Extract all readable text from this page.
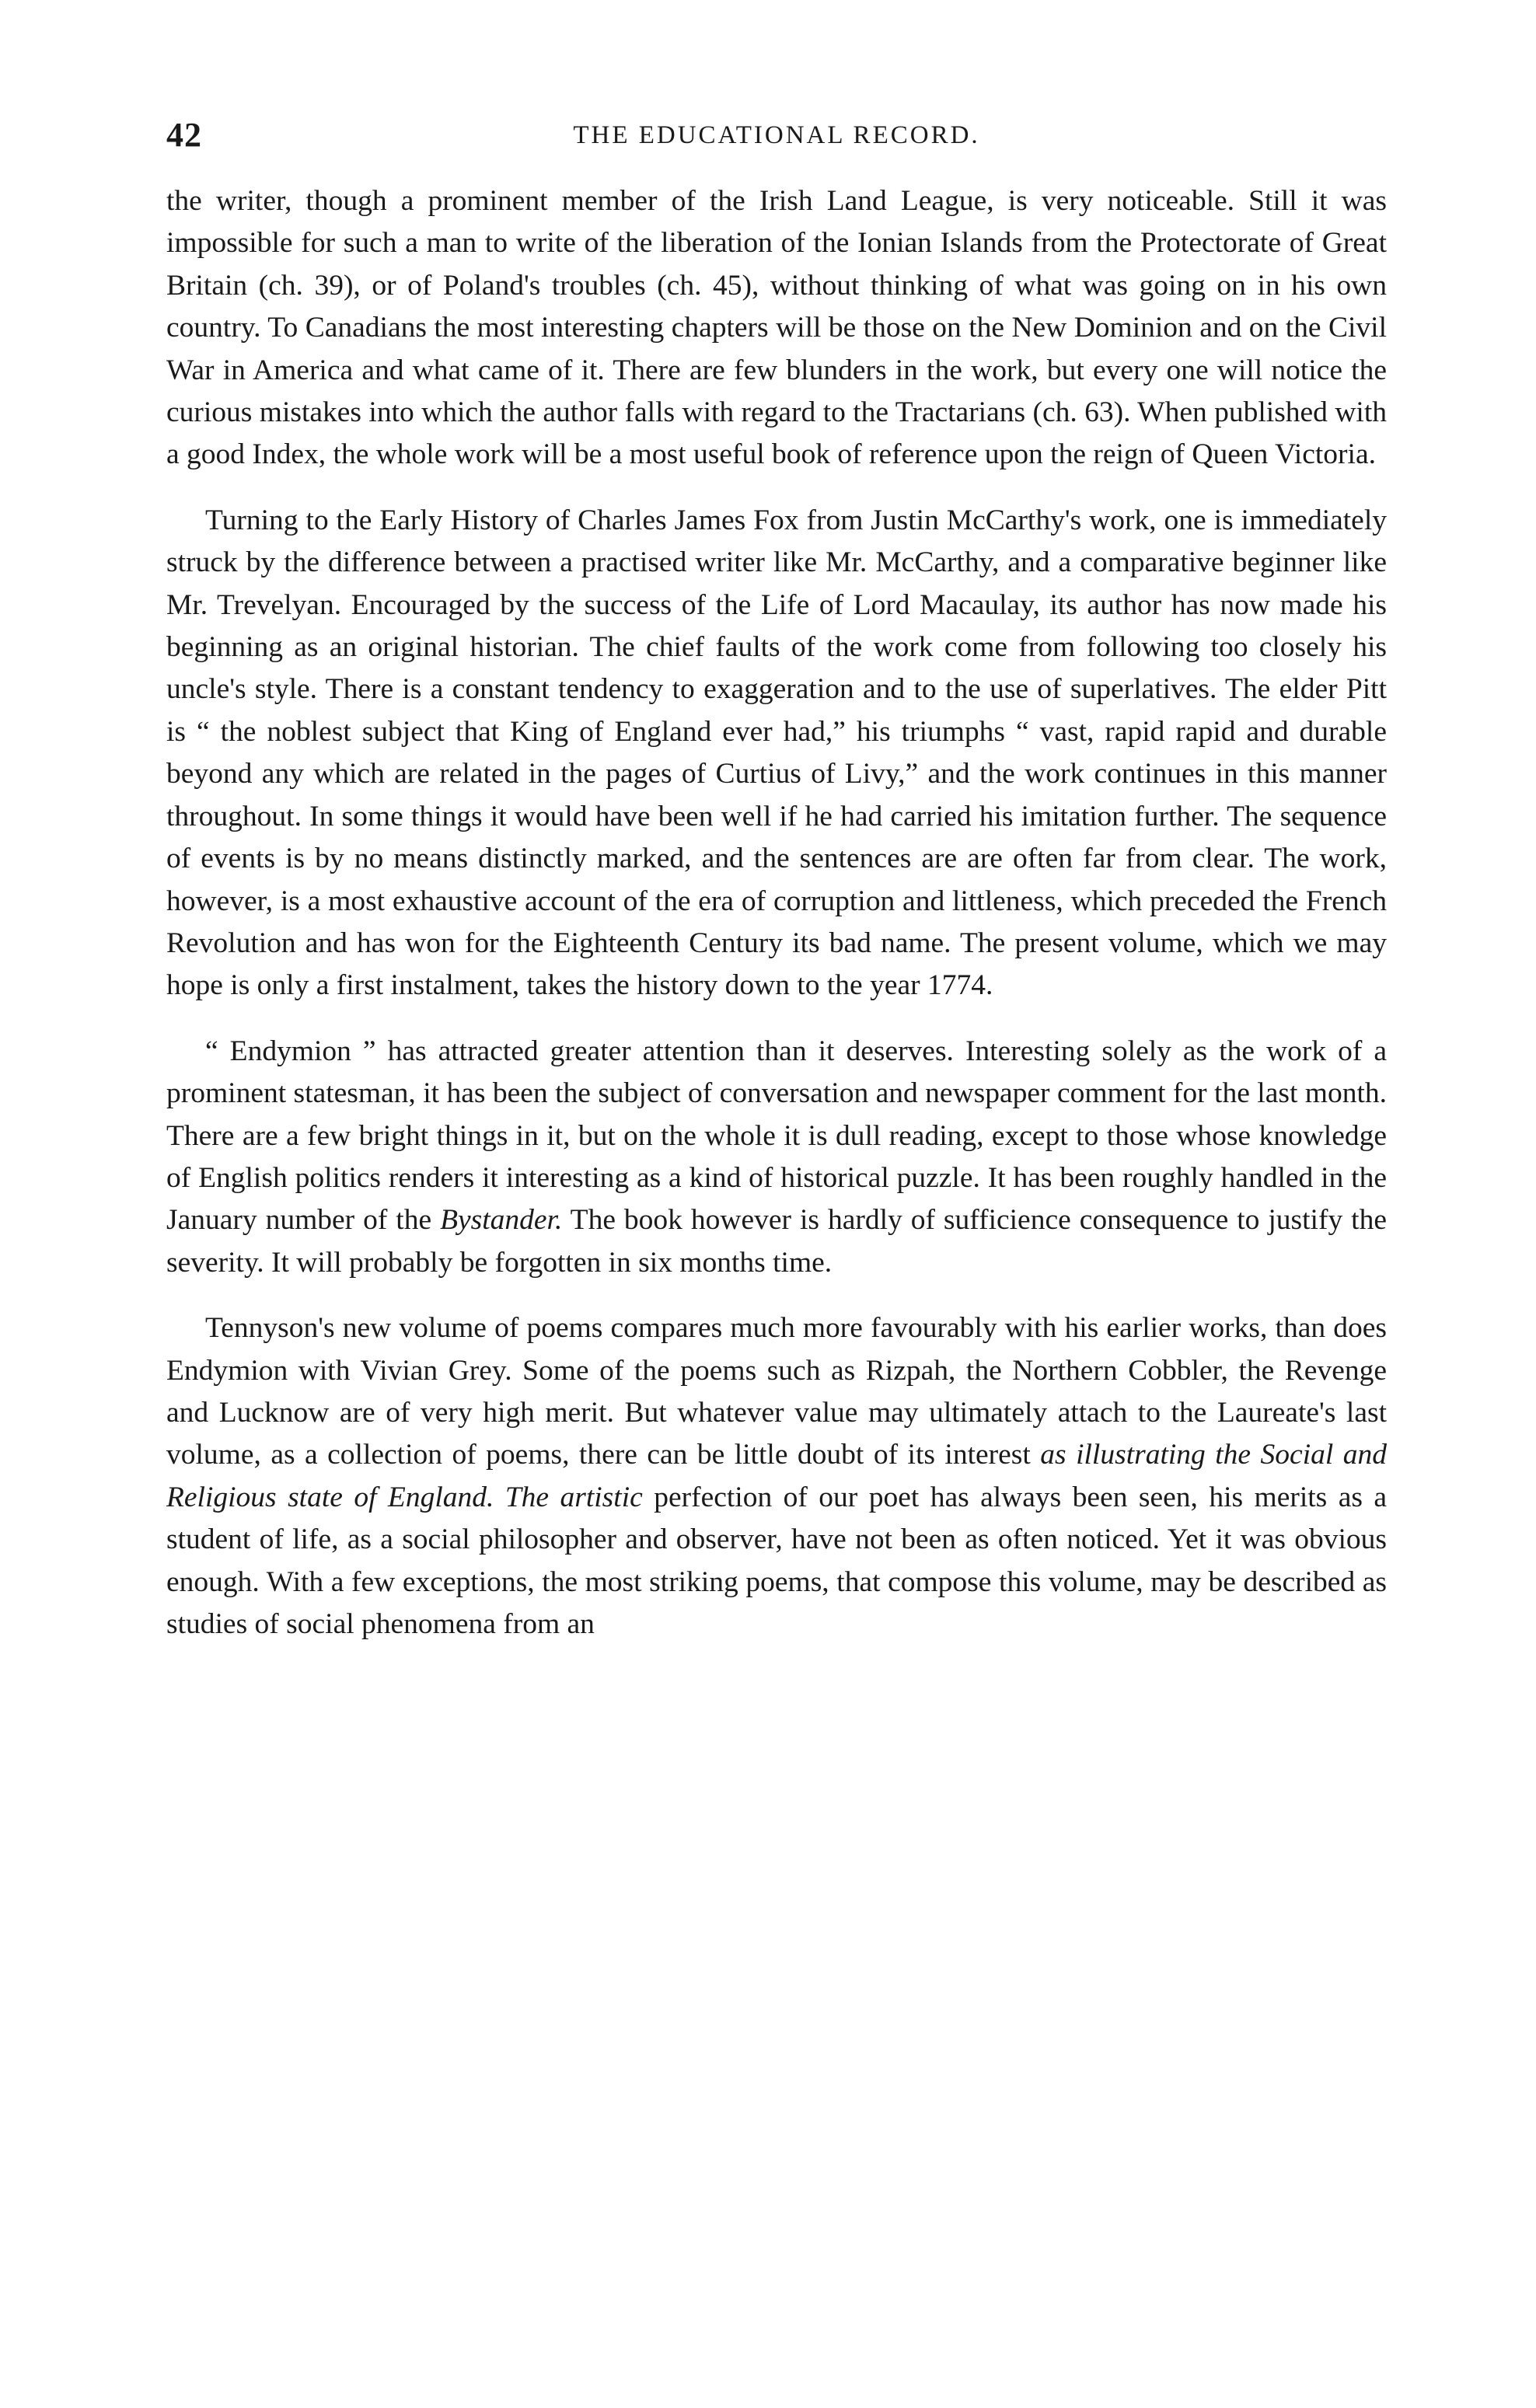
42	THE EDUCATIONAL RECORD.

the writer, though a prominent member of the Irish Land League, is very noticeable. Still it was impossible for such a man to write of the liberation of the Ionian Islands from the Protectorate of Great Britain (ch. 39), or of Poland's troubles (ch. 45), without thinking of what was going on in his own country. To Canadians the most interesting chapters will be those on the New Dominion and on the Civil War in America and what came of it. There are few blunders in the work, but every one will notice the curious mistakes into which the author falls with regard to the Tractarians (ch. 63). When published with a good Index, the whole work will be a most useful book of reference upon the reign of Queen Victoria.

Turning to the Early History of Charles James Fox from Justin McCarthy's work, one is immediately struck by the difference between a practised writer like Mr. McCarthy, and a comparative beginner like Mr. Trevelyan. Encouraged by the success of the Life of Lord Macaulay, its author has now made his beginning as an original historian. The chief faults of the work come from following too closely his uncle's style. There is a constant tendency to exaggeration and to the use of superlatives. The elder Pitt is “ the noblest subject that King of England ever had,” his triumphs “ vast, rapid rapid and durable beyond any which are related in the pages of Curtius of Livy,” and the work continues in this manner throughout. In some things it would have been well if he had carried his imitation further. The sequence of events is by no means distinctly marked, and the sentences are are often far from clear. The work, however, is a most exhaustive account of the era of corruption and littleness, which preceded the French Revolution and has won for the Eighteenth Century its bad name. The present volume, which we may hope is only a first instalment, takes the history down to the year 1774.

“ Endymion ” has attracted greater attention than it deserves. Interesting solely as the work of a prominent statesman, it has been the subject of conversation and newspaper comment for the last month. There are a few bright things in it, but on the whole it is dull reading, except to those whose knowledge of English politics renders it interesting as a kind of historical puzzle. It has been roughly handled in the January number of the Bystander. The book however is hardly of sufficience consequence to justify the severity. It will probably be forgotten in six months time.

Tennyson's new volume of poems compares much more favourably with his earlier works, than does Endymion with Vivian Grey. Some of the poems such as Rizpah, the Northern Cobbler, the Revenge and Lucknow are of very high merit. But whatever value may ultimately attach to the Laureate's last volume, as a collection of poems, there can be little doubt of its interest as illustrating the Social and Religious state of England. The artistic perfection of our poet has always been seen, his merits as a student of life, as a social philosopher and observer, have not been as often noticed. Yet it was obvious enough. With a few exceptions, the most striking poems, that compose this volume, may be described as studies of social phenomena from an
